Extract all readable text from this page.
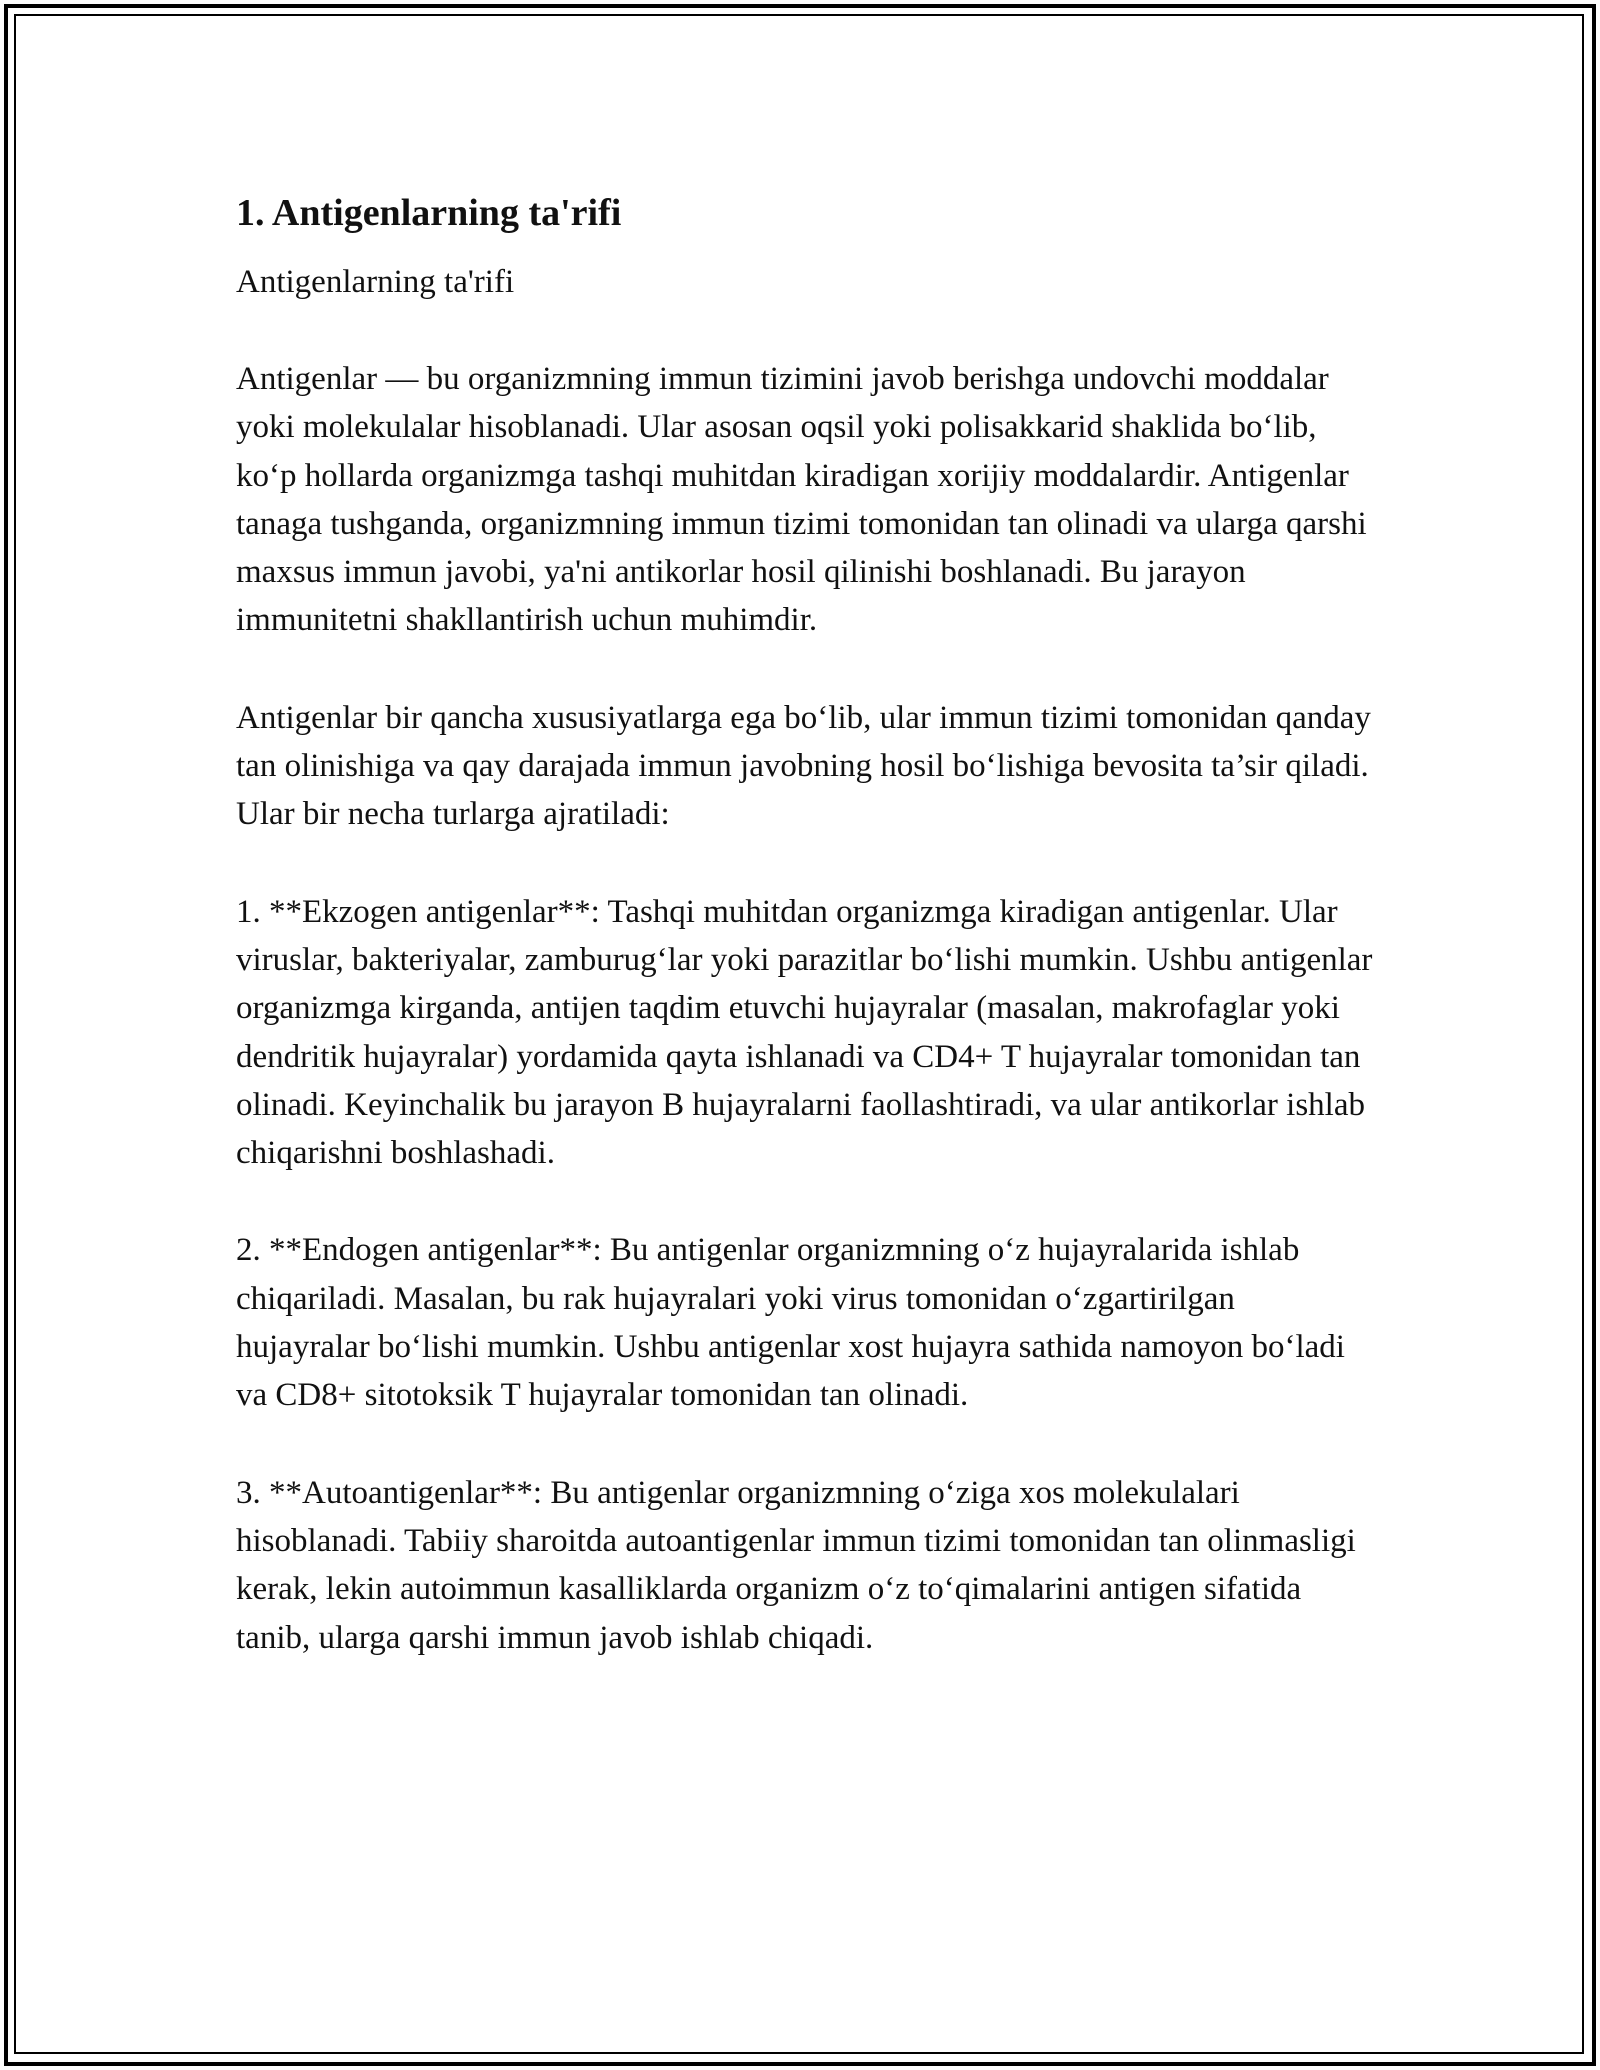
1. Antigenlarning ta'rifi

Antigenlarning ta'rifi

Antigenlar — bu organizmning immun tizimini javob berishga undovchi moddalar yoki molekulalar hisoblanadi. Ular asosan oqsil yoki polisakkarid shaklida bo‘lib, ko‘p hollarda organizmga tashqi muhitdan kiradigan xorijiy moddalardir. Antigenlar tanaga tushganda, organizmning immun tizimi tomonidan tan olinadi va ularga qarshi maxsus immun javobi, ya'ni antikorlar hosil qilinishi boshlanadi. Bu jarayon immunitetni shakllantirish uchun muhimdir.

Antigenlar bir qancha xususiyatlarga ega bo‘lib, ular immun tizimi tomonidan qanday tan olinishiga va qay darajada immun javobning hosil bo‘lishiga bevosita ta’sir qiladi. Ular bir necha turlarga ajratiladi:

1. **Ekzogen antigenlar**: Tashqi muhitdan organizmga kiradigan antigenlar. Ular viruslar, bakteriyalar, zamburug‘lar yoki parazitlar bo‘lishi mumkin. Ushbu antigenlar organizmga kirganda, antijen taqdim etuvchi hujayralar (masalan, makrofaglar yoki dendritik hujayralar) yordamida qayta ishlanadi va CD4+ T hujayralar tomonidan tan olinadi. Keyinchalik bu jarayon B hujayralarni faollashtiradi, va ular antikorlar ishlab chiqarishni boshlashadi.

2. **Endogen antigenlar**: Bu antigenlar organizmning o‘z hujayralarida ishlab chiqariladi. Masalan, bu rak hujayralari yoki virus tomonidan o‘zgartirilgan hujayralar bo‘lishi mumkin. Ushbu antigenlar xost hujayra sathida namoyon bo‘ladi va CD8+ sitotoksik T hujayralar tomonidan tan olinadi.

3. **Autoantigenlar**: Bu antigenlar organizmning o‘ziga xos molekulalari hisoblanadi. Tabiiy sharoitda autoantigenlar immun tizimi tomonidan tan olinmasligi kerak, lekin autoimmun kasalliklarda organizm o‘z to‘qimalarini antigen sifatida tanib, ularga qarshi immun javob ishlab chiqadi.
